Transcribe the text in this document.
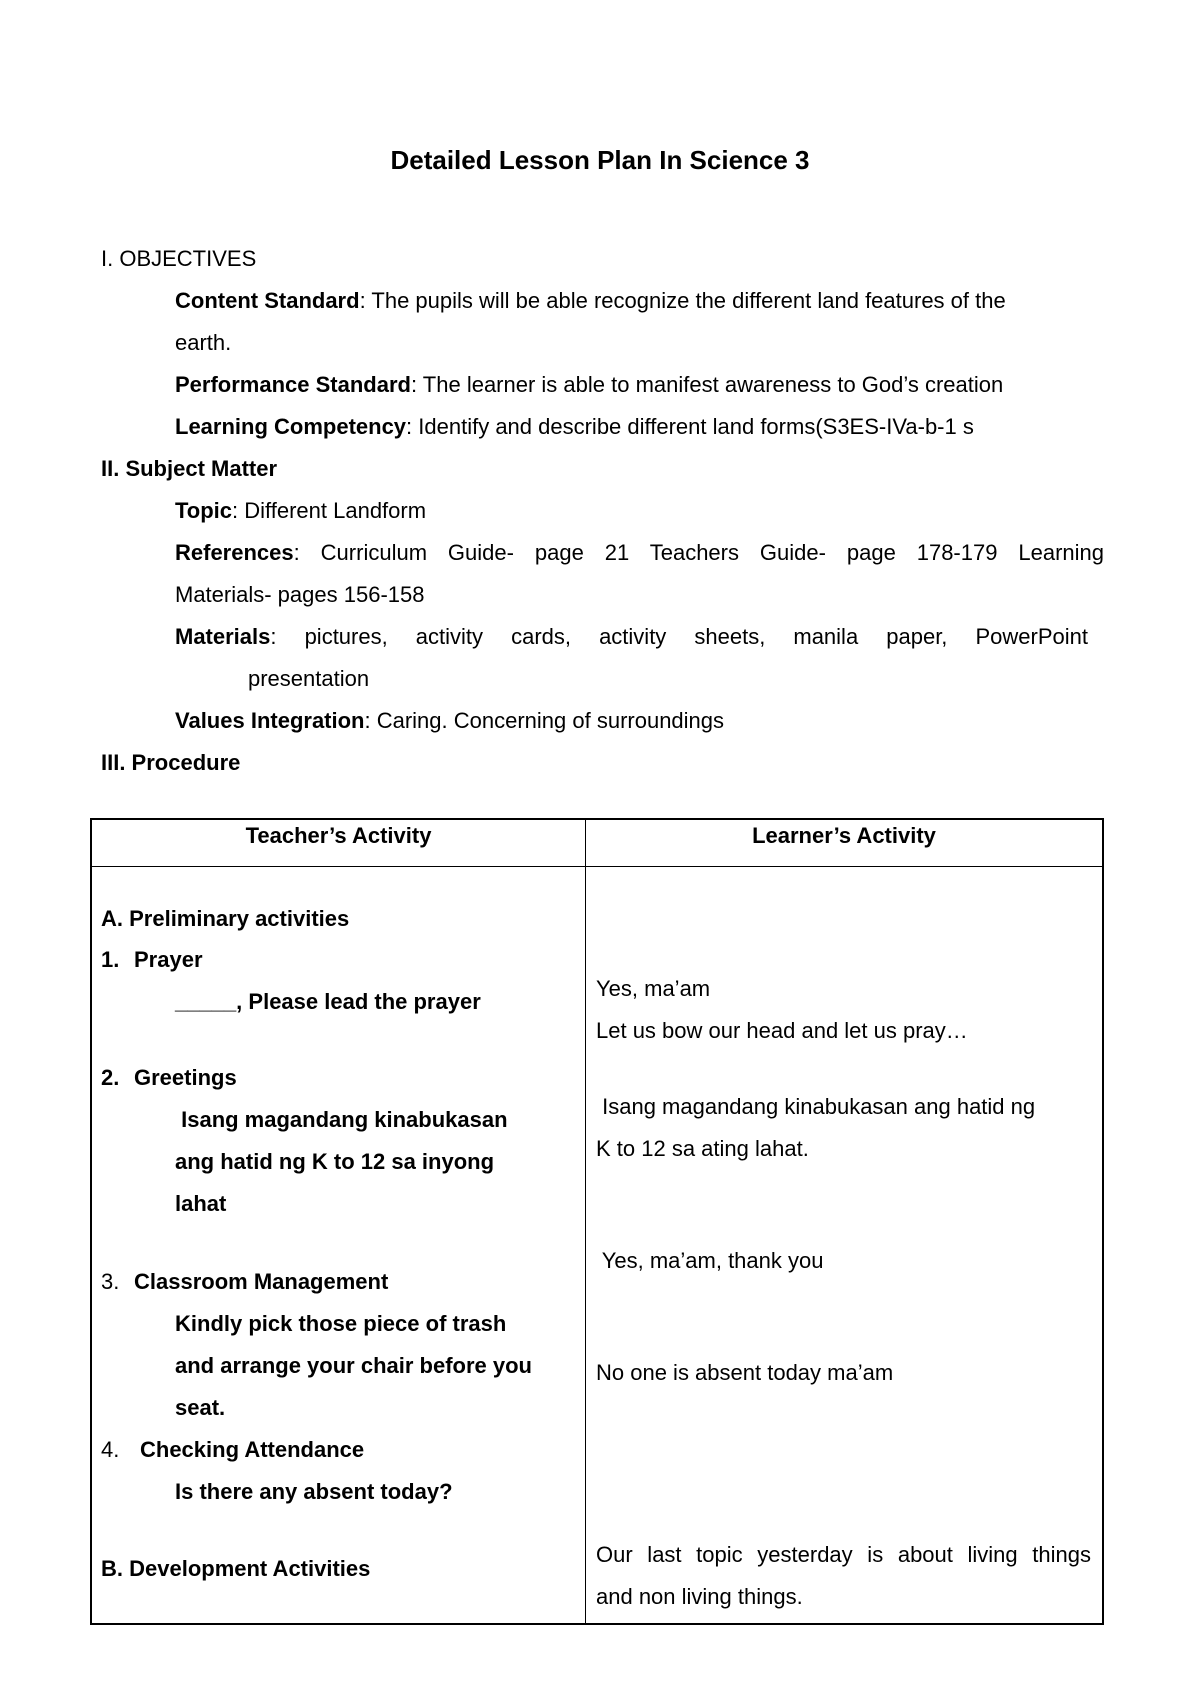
Detailed Lesson Plan In Science 3
I. OBJECTIVES
Content Standard: The pupils will be able recognize the different land features of the
earth.
Performance Standard: The learner is able to manifest awareness to God’s creation
Learning Competency: Identify and describe different land forms(S3ES-IVa-b-1 s
II. Subject Matter
Topic: Different Landform
References: Curriculum Guide- page 21 Teachers Guide- page 178-179 Learning
Materials- pages 156-158
Materials: pictures, activity cards, activity sheets, manila paper, PowerPoint
presentation
Values Integration: Caring. Concerning of surroundings
III. Procedure
Teacher’s Activity	Learner’s Activity
A. Preliminary activities
1. Prayer
_____, Please lead the prayer
2. Greetings
Isang magandang kinabukasan
ang hatid ng K to 12 sa inyong
lahat
3. Classroom Management
Kindly pick those piece of trash
and arrange your chair before you
seat.
4. Checking Attendance
Is there any absent today?
B. Development Activities
Yes, ma’am
Let us bow our head and let us pray…
Isang magandang kinabukasan ang hatid ng
K to 12 sa ating lahat.
Yes, ma’am, thank you
No one is absent today ma’am
Our last topic yesterday is about living things
and non living things.
